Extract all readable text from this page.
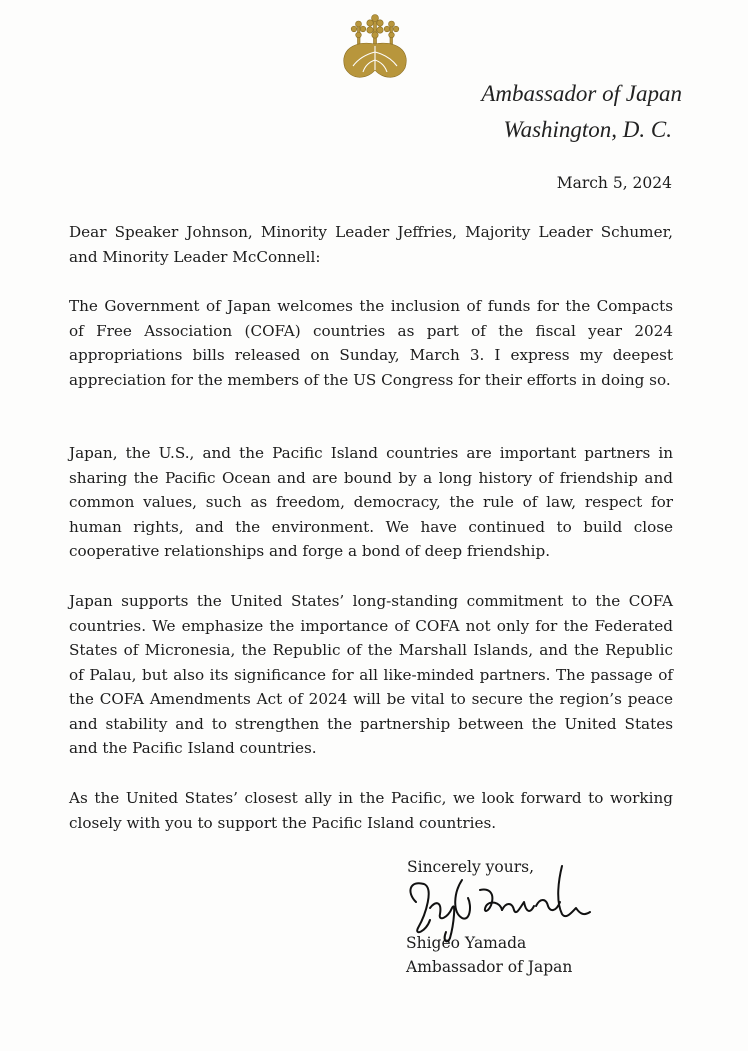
Ambassador of Japan
Washington, D. C.
March 5, 2024

Dear Speaker Johnson, Minority Leader Jeffries, Majority Leader Schumer, and Minority Leader McConnell:

The Government of Japan welcomes the inclusion of funds for the Compacts of Free Association (COFA) countries as part of the fiscal year 2024 appropriations bills released on Sunday, March 3. I express my deepest appreciation for the members of the US Congress for their efforts in doing so.

Japan, the U.S., and the Pacific Island countries are important partners in sharing the Pacific Ocean and are bound by a long history of friendship and common values, such as freedom, democracy, the rule of law, respect for human rights, and the environment. We have continued to build close cooperative relationships and forge a bond of deep friendship.

Japan supports the United States’ long-standing commitment to the COFA countries. We emphasize the importance of COFA not only for the Federated States of Micronesia, the Republic of the Marshall Islands, and the Republic of Palau, but also its significance for all like-minded partners. The passage of the COFA Amendments Act of 2024 will be vital to secure the region’s peace and stability and to strengthen the partnership between the United States and the Pacific Island countries.

As the United States’ closest ally in the Pacific, we look forward to working closely with you to support the Pacific Island countries.

Sincerely yours,
Shigeo Yamada
Ambassador of Japan
